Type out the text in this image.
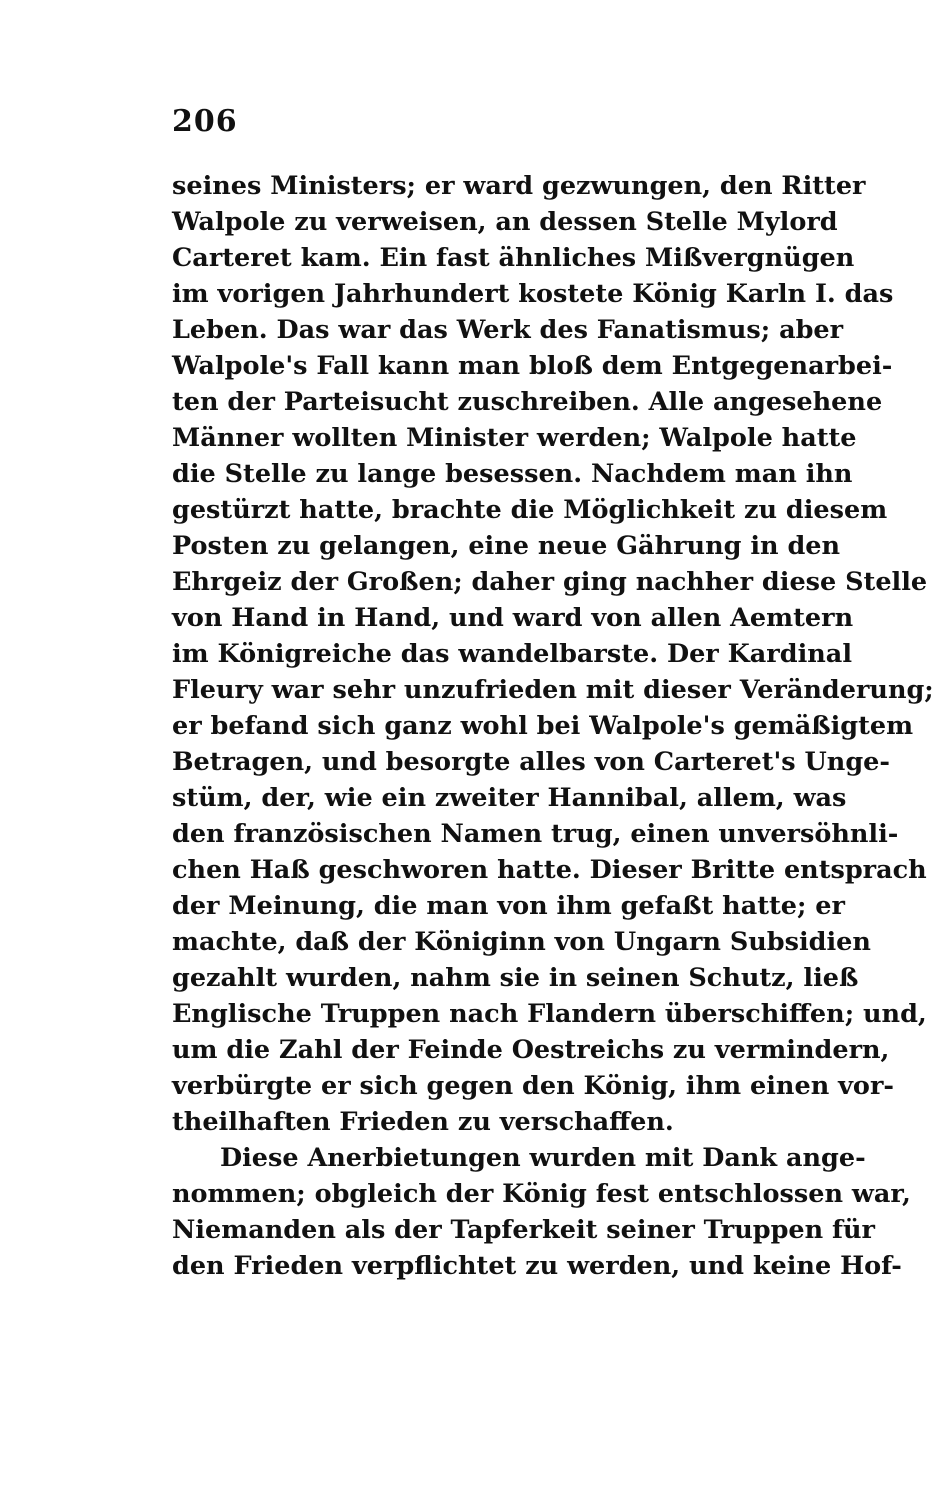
206
seines Ministers; er ward gezwungen, den Ritter
Walpole zu verweisen, an dessen Stelle Mylord
Carteret kam. Ein fast ähnliches Mißvergnügen
im vorigen Jahrhundert kostete König Karln I. das
Leben. Das war das Werk des Fanatismus; aber
Walpole's Fall kann man bloß dem Entgegenarbei-
ten der Parteisucht zuschreiben. Alle angesehene
Männer wollten Minister werden; Walpole hatte
die Stelle zu lange besessen. Nachdem man ihn
gestürzt hatte, brachte die Möglichkeit zu diesem
Posten zu gelangen, eine neue Gährung in den
Ehrgeiz der Großen; daher ging nachher diese Stelle
von Hand in Hand, und ward von allen Aemtern
im Königreiche das wandelbarste. Der Kardinal
Fleury war sehr unzufrieden mit dieser Veränderung;
er befand sich ganz wohl bei Walpole's gemäßigtem
Betragen, und besorgte alles von Carteret's Unge-
stüm, der, wie ein zweiter Hannibal, allem, was
den französischen Namen trug, einen unversöhnli-
chen Haß geschworen hatte. Dieser Britte entsprach
der Meinung, die man von ihm gefaßt hatte; er
machte, daß der Königinn von Ungarn Subsidien
gezahlt wurden, nahm sie in seinen Schutz, ließ
Englische Truppen nach Flandern überschiffen; und,
um die Zahl der Feinde Oestreichs zu vermindern,
verbürgte er sich gegen den König, ihm einen vor-
theilhaften Frieden zu verschaffen.
Diese Anerbietungen wurden mit Dank ange-
nommen; obgleich der König fest entschlossen war,
Niemanden als der Tapferkeit seiner Truppen für
den Frieden verpflichtet zu werden, und keine Hof-
